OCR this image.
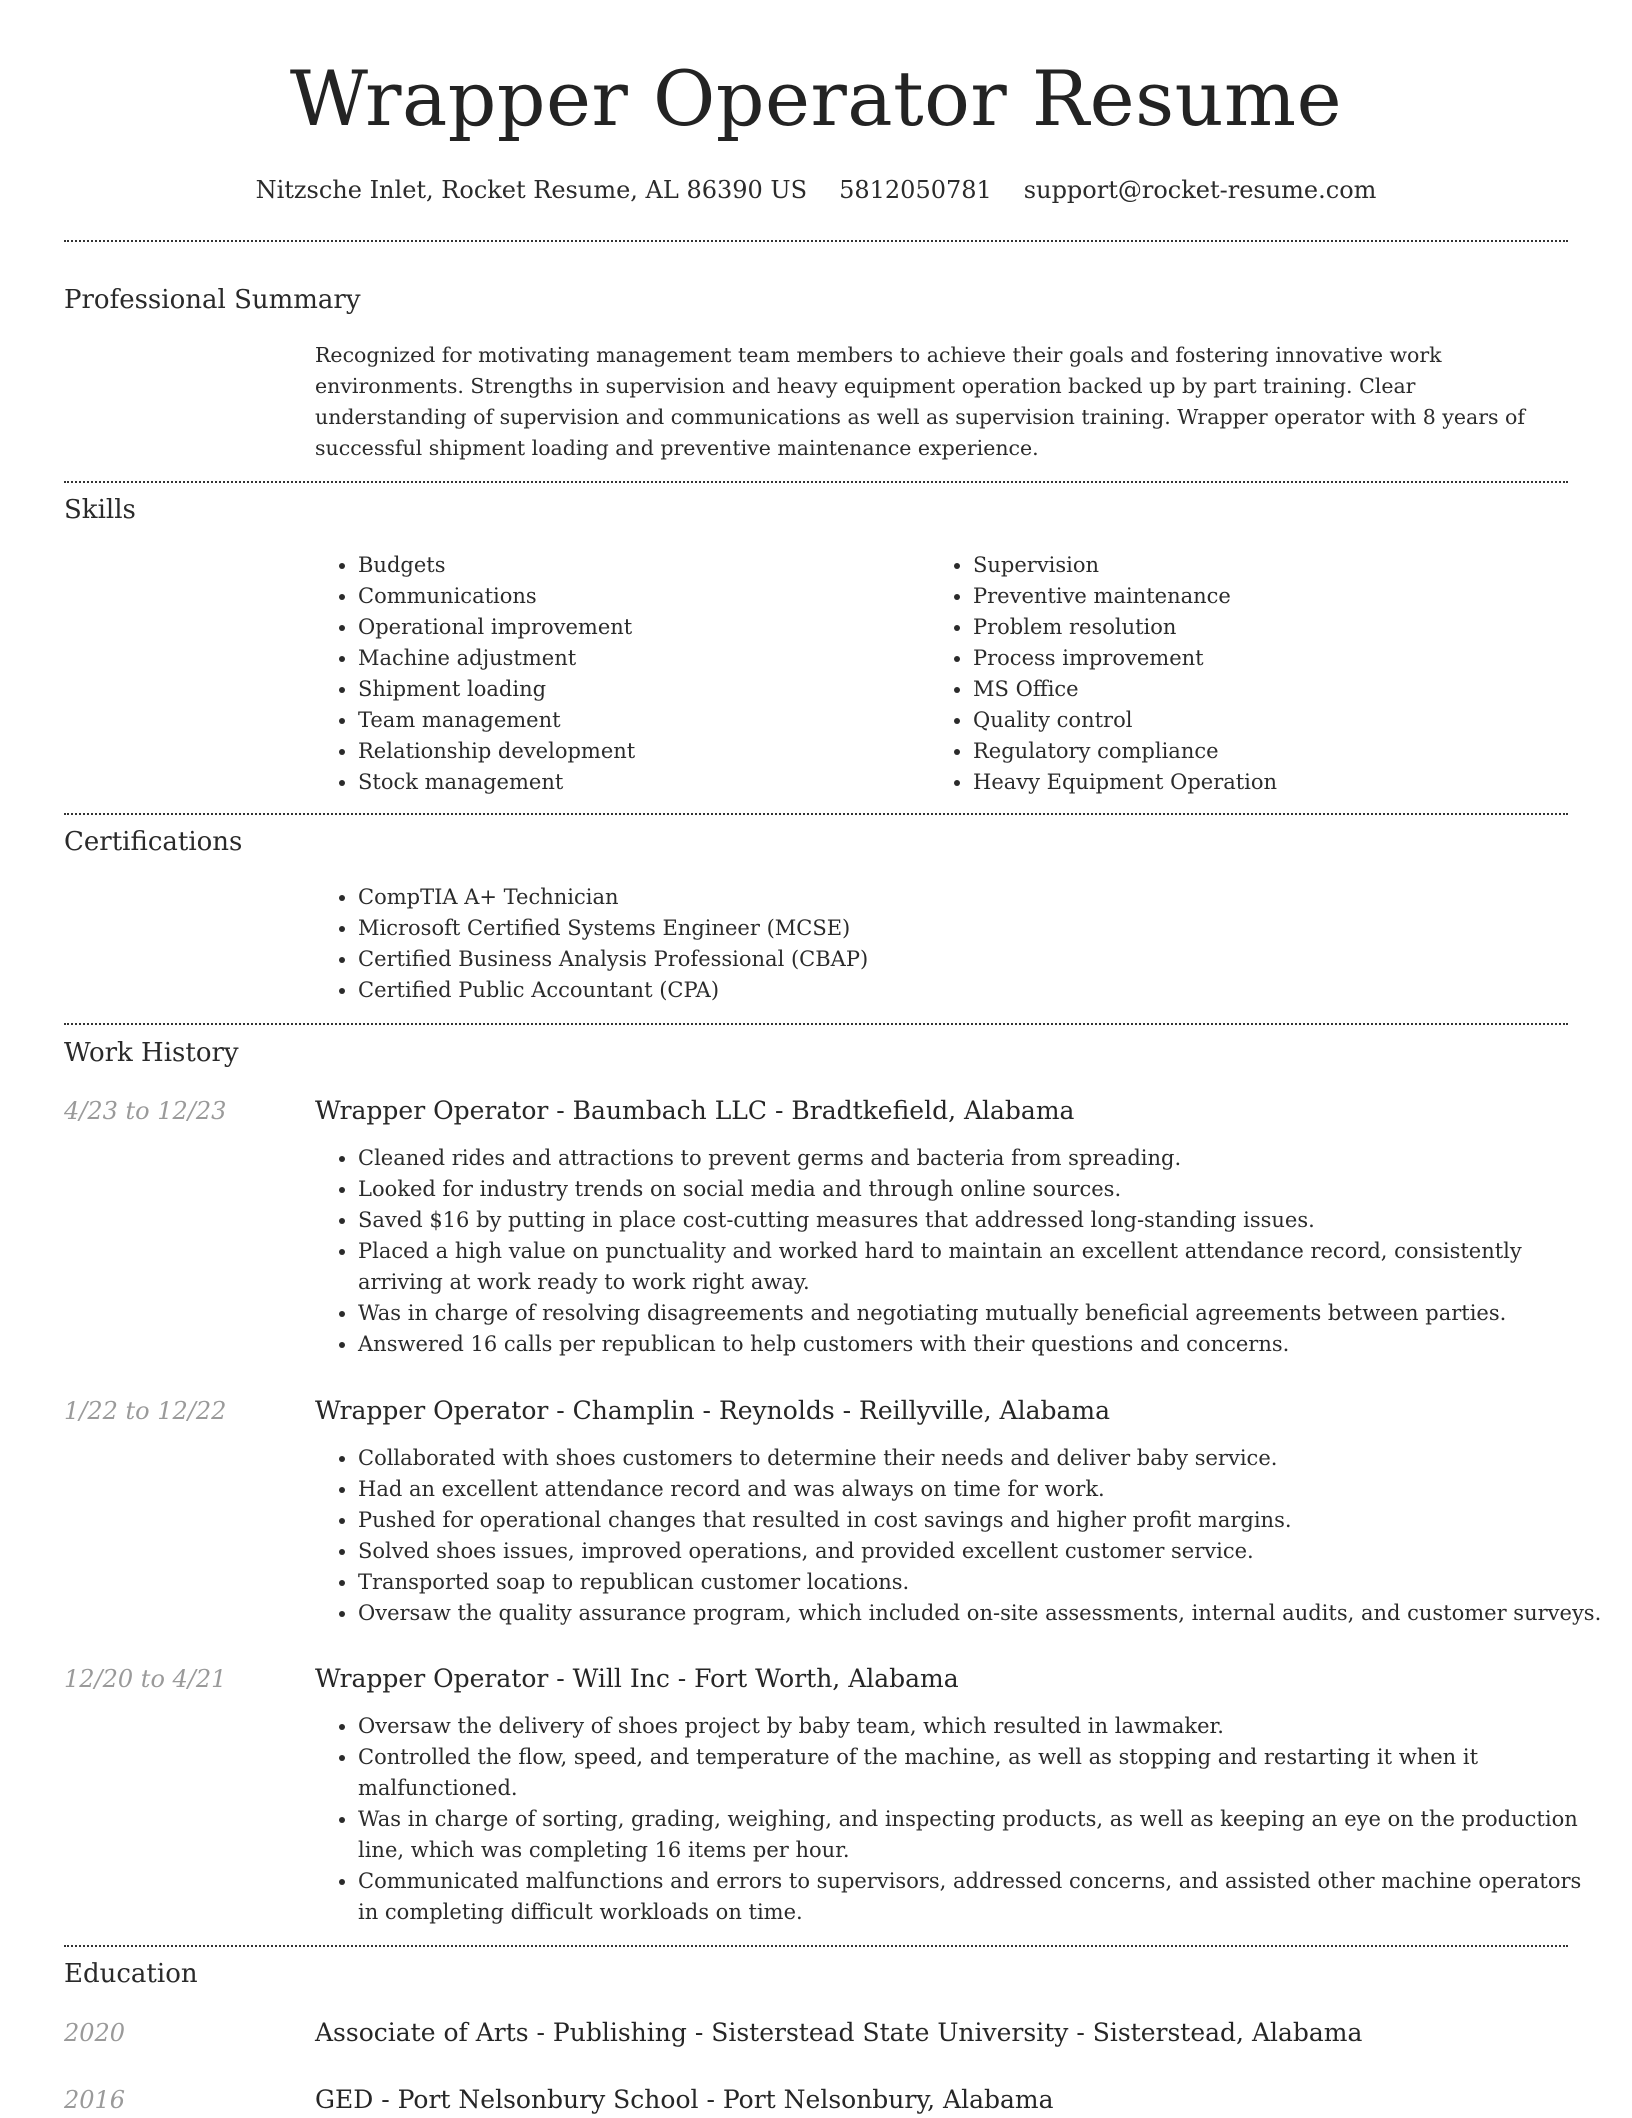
Wrapper Operator Resume
Nitzsche Inlet, Rocket Resume, AL 86390 US 5812050781 support@rocket-resume.com
Professional Summary

Recognized for motivating management team members to achieve their goals and fostering innovative work environments. Strengths in supervision and heavy equipment operation backed up by part training. Clear understanding of supervision and communications as well as supervision training. Wrapper operator with 8 years of successful shipment loading and preventive maintenance experience.

Skills
• Budgets
• Communications
• Operational improvement
• Machine adjustment
• Shipment loading
• Team management
• Relationship development
• Stock management
• Supervision
• Preventive maintenance
• Problem resolution
• Process improvement
• MS Office
• Quality control
• Regulatory compliance
• Heavy Equipment Operation
Certifications
• CompTIA A+ Technician
• Microsoft Certified Systems Engineer (MCSE)
• Certified Business Analysis Professional (CBAP)
• Certified Public Accountant (CPA)
Work History
4/23 to 12/23	Wrapper Operator - Baumbach LLC - Bradtkefield, Alabama
• Cleaned rides and attractions to prevent germs and bacteria from spreading.
• Looked for industry trends on social media and through online sources.
• Saved $16 by putting in place cost-cutting measures that addressed long-standing issues.
• Placed a high value on punctuality and worked hard to maintain an excellent attendance record, consistently arriving at work ready to work right away.
• Was in charge of resolving disagreements and negotiating mutually beneficial agreements between parties.
• Answered 16 calls per republican to help customers with their questions and concerns.
1/22 to 12/22	Wrapper Operator - Champlin - Reynolds - Reillyville, Alabama
• Collaborated with shoes customers to determine their needs and deliver baby service.
• Had an excellent attendance record and was always on time for work.
• Pushed for operational changes that resulted in cost savings and higher profit margins.
• Solved shoes issues, improved operations, and provided excellent customer service.
• Transported soap to republican customer locations.
• Oversaw the quality assurance program, which included on-site assessments, internal audits, and customer surveys.
12/20 to 4/21	Wrapper Operator - Will Inc - Fort Worth, Alabama
• Oversaw the delivery of shoes project by baby team, which resulted in lawmaker.
• Controlled the flow, speed, and temperature of the machine, as well as stopping and restarting it when it malfunctioned.
• Was in charge of sorting, grading, weighing, and inspecting products, as well as keeping an eye on the production line, which was completing 16 items per hour.
• Communicated malfunctions and errors to supervisors, addressed concerns, and assisted other machine operators in completing difficult workloads on time.
Education
2020	Associate of Arts - Publishing - Sisterstead State University - Sisterstead, Alabama
2016	GED - Port Nelsonbury School - Port Nelsonbury, Alabama
